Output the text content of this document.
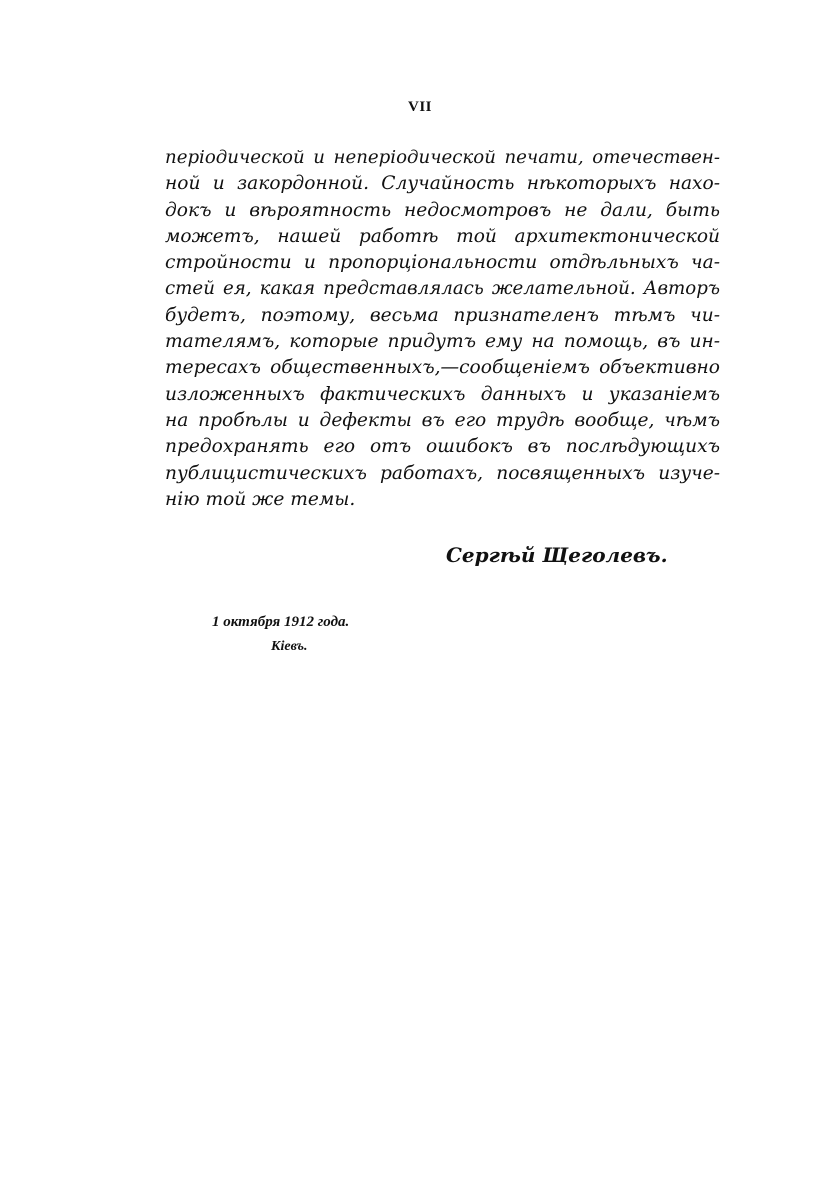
VII
періодической и неперіодической печати, отечествен-
ной и закордонной. Случайность нѣкоторыхъ нахо-
докъ и вѣроятность недосмотровъ не дали, быть
можетъ, нашей работѣ той архитектонической
стройности и пропорціональности отдѣльныхъ ча-
стей ея, какая представлялась желательной. Авторъ
будетъ, поэтому, весьма признателенъ тѣмъ чи-
тателямъ, которые придутъ ему на помощь, въ ин-
тересахъ общественныхъ,—сообщеніемъ объективно
изложенныхъ фактическихъ данныхъ и указаніемъ
на пробѣлы и дефекты въ его трудѣ вообще, чѣмъ
предохранять его отъ ошибокъ въ послѣдующихъ
публицистическихъ работахъ, посвященныхъ изуче-
нію той же темы.
Сергѣй Щеголевъ.
1 октября 1912 года.
Кіевъ.
